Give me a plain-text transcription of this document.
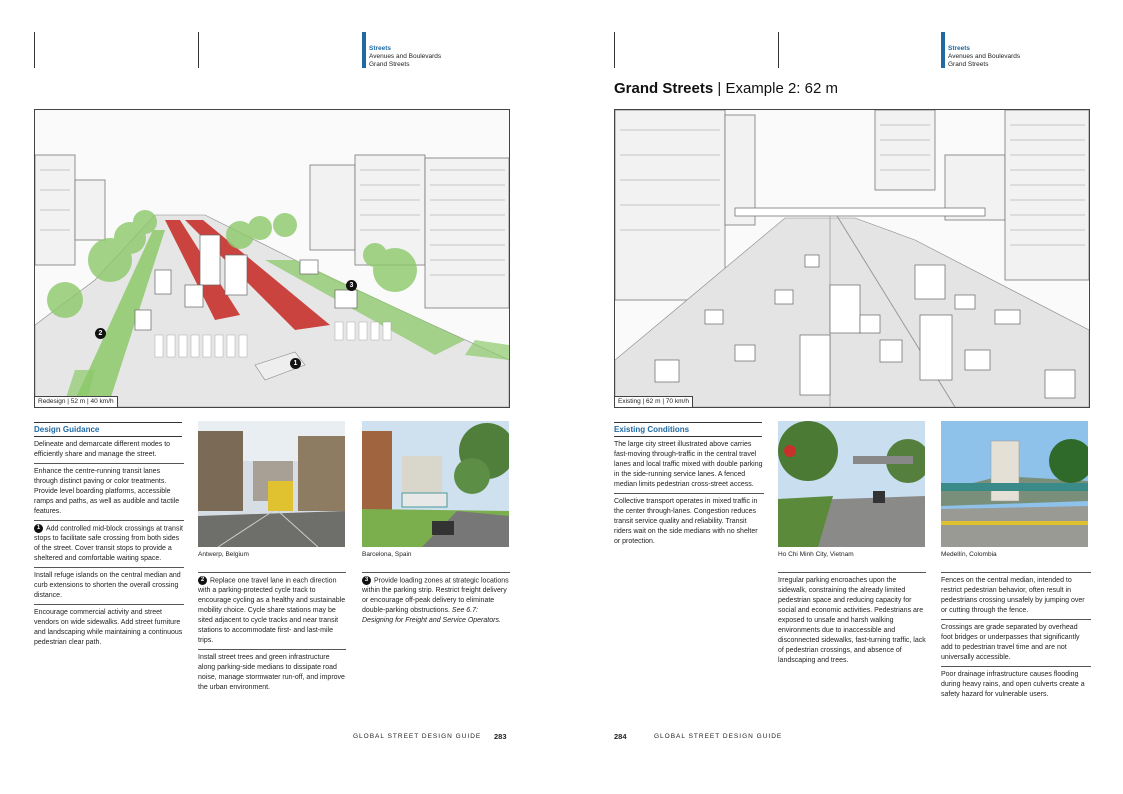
Streets
Avenues and Boulevards
Grand Streets
Streets
Avenues and Boulevards
Grand Streets
Grand Streets | Example 2: 62 m
1
2
3
Redesign | 52 m | 40 km/h	Existing | 62 m | 70 km/h
Design Guidance

Delineate and demarcate different modes to efficiently share and manage the street.

Enhance the centre-running transit lanes through distinct paving or color treatments. Provide level boarding platforms, accessible ramps and paths, as well as audible and tactile features.

1 Add controlled mid-block crossings at transit stops to facilitate safe crossing from both sides of the street. Cover transit stops to provide a sheltered and comfortable waiting space.

Install refuge islands on the central median and curb extensions to shorten the overall crossing distance.

Encourage commercial activity and street vendors on wide sidewalks. Add street furniture and landscaping while maintaining a continuous pedestrian clear path.

Antwerp, Belgium	Barcelona, Spain

2 Replace one travel lane in each direction with a parking-protected cycle track to encourage cycling as a healthy and sustainable mobility choice. Cycle share stations may be sited adjacent to cycle tracks and near transit stations to accommodate first- and last-mile trips.

Install street trees and green infrastructure along parking-side medians to dissipate road noise, manage stormwater run-off, and improve the urban environment.

3 Provide loading zones at strategic locations within the parking strip. Restrict freight delivery or encourage off-peak delivery to eliminate double-parking obstructions. See 6.7: Designing for Freight and Service Operators.

Existing Conditions

The large city street illustrated above carries fast-moving through-traffic in the central travel lanes and local traffic mixed with double parking in the side-running service lanes. A fenced median limits pedestrian cross-street access.

Collective transport operates in mixed traffic in the center through-lanes. Congestion reduces transit service quality and reliability. Transit riders wait on the side medians with no shelter or protection.

Ho Chi Minh City, Vietnam	Medellín, Colombia

Irregular parking encroaches upon the sidewalk, constraining the already limited pedestrian space and reducing capacity for social and economic activities. Pedestrians are exposed to unsafe and harsh walking environments due to inaccessible and disconnected sidewalks, fast-turning traffic, lack of pedestrian crossings, and absence of landscaping and trees.

Fences on the central median, intended to restrict pedestrian behavior, often result in pedestrians crossing unsafely by jumping over or cutting through the fence.

Crossings are grade separated by overhead foot bridges or underpasses that significantly add to pedestrian travel time and are not universally accessible.

Poor drainage infrastructure causes flooding during heavy rains, and open culverts create a safety hazard for vulnerable users.

GLOBAL STREET DESIGN GUIDE 283	284	GLOBAL STREET DESIGN GUIDE
